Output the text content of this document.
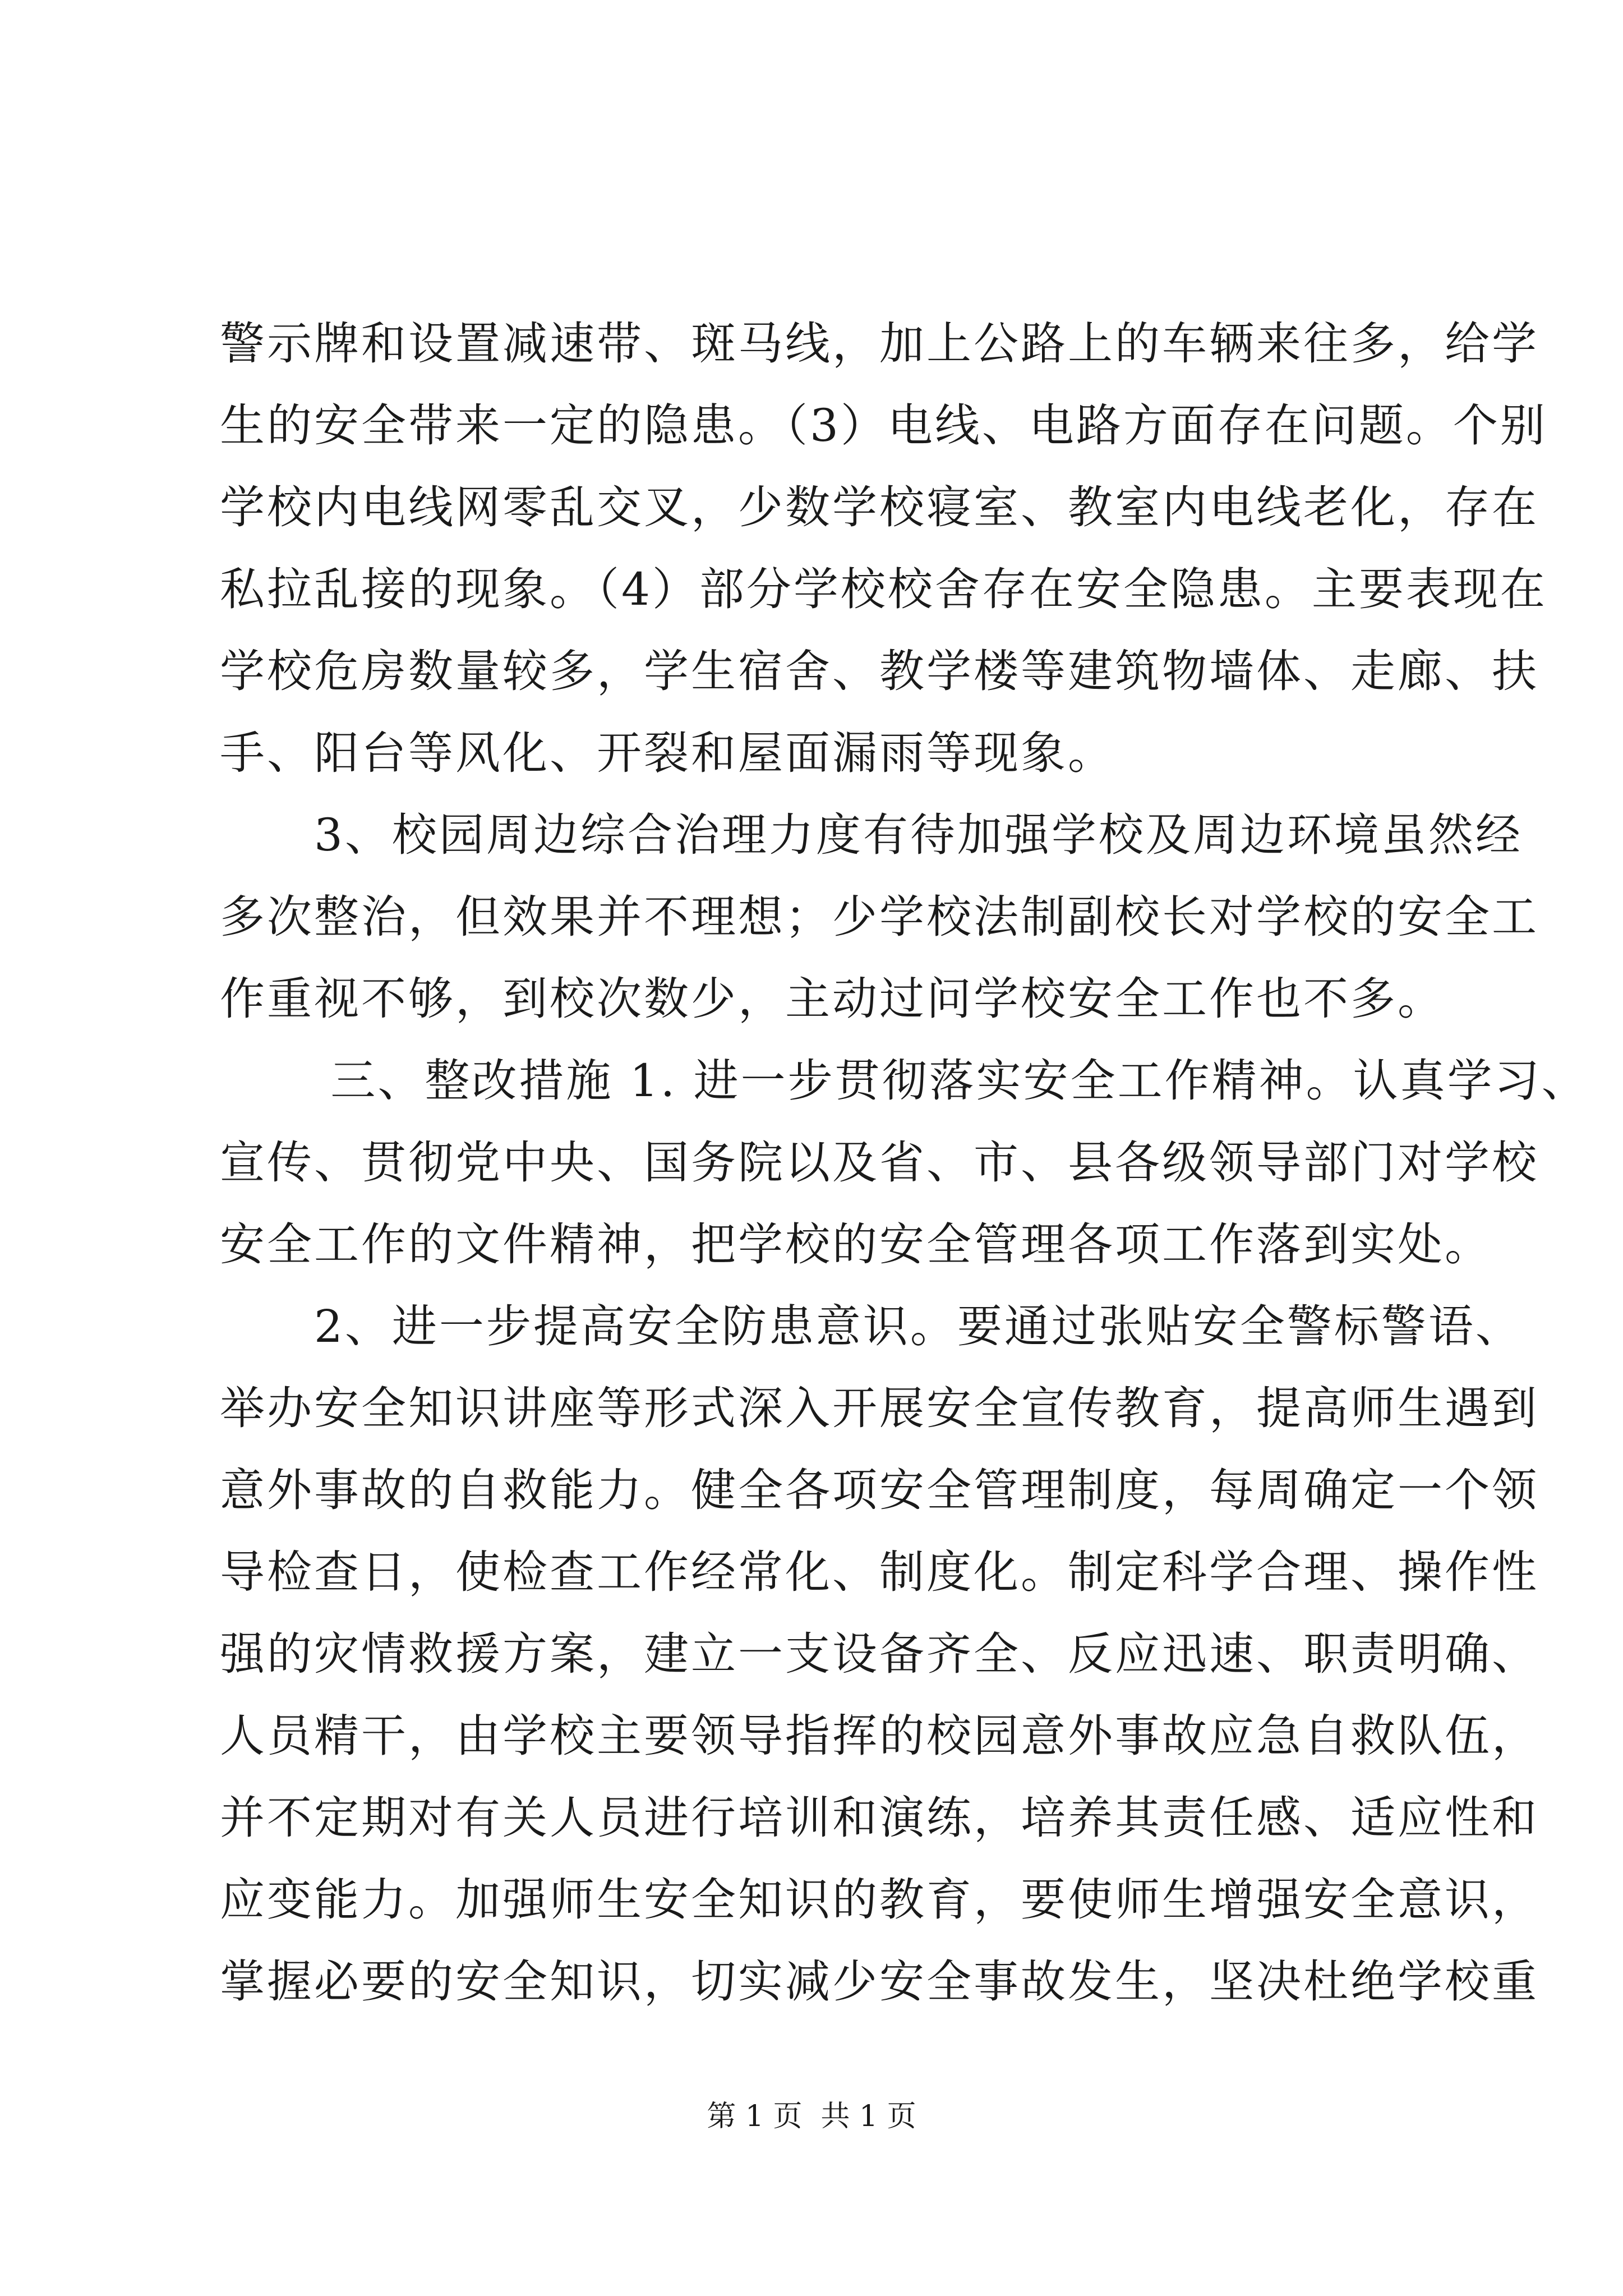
警示牌和设置减速带、斑马线，加上公路上的车辆来往多，给学
生的安全带来一定的隐患。（3）电线、电路方面存在问题。个别
学校内电线网零乱交叉，少数学校寝室、教室内电线老化，存在
私拉乱接的现象。（4）部分学校校舍存在安全隐患。主要表现在
学校危房数量较多，学生宿舍、教学楼等建筑物墙体、走廊、扶
手、阳台等风化、开裂和屋面漏雨等现象。
　　3、校园周边综合治理力度有待加强学校及周边环境虽然经
多次整治，但效果并不理想；少学校法制副校长对学校的安全工
作重视不够，到校次数少，主动过问学校安全工作也不多。
　　 三、整改措施 1. 进一步贯彻落实安全工作精神。认真学习、
宣传、贯彻党中央、国务院以及省、市、县各级领导部门对学校
安全工作的文件精神，把学校的安全管理各项工作落到实处。
　　2、进一步提高安全防患意识。要通过张贴安全警标警语、
举办安全知识讲座等形式深入开展安全宣传教育，提高师生遇到
意外事故的自救能力。健全各项安全管理制度，每周确定一个领
导检查日，使检查工作经常化、制度化。制定科学合理、操作性
强的灾情救援方案，建立一支设备齐全、反应迅速、职责明确、
人员精干，由学校主要领导指挥的校园意外事故应急自救队伍，
并不定期对有关人员进行培训和演练，培养其责任感、适应性和
应变能力。加强师生安全知识的教育，要使师生增强安全意识，
掌握必要的安全知识，切实减少安全事故发生，坚决杜绝学校重
第 1 页  共 1 页
